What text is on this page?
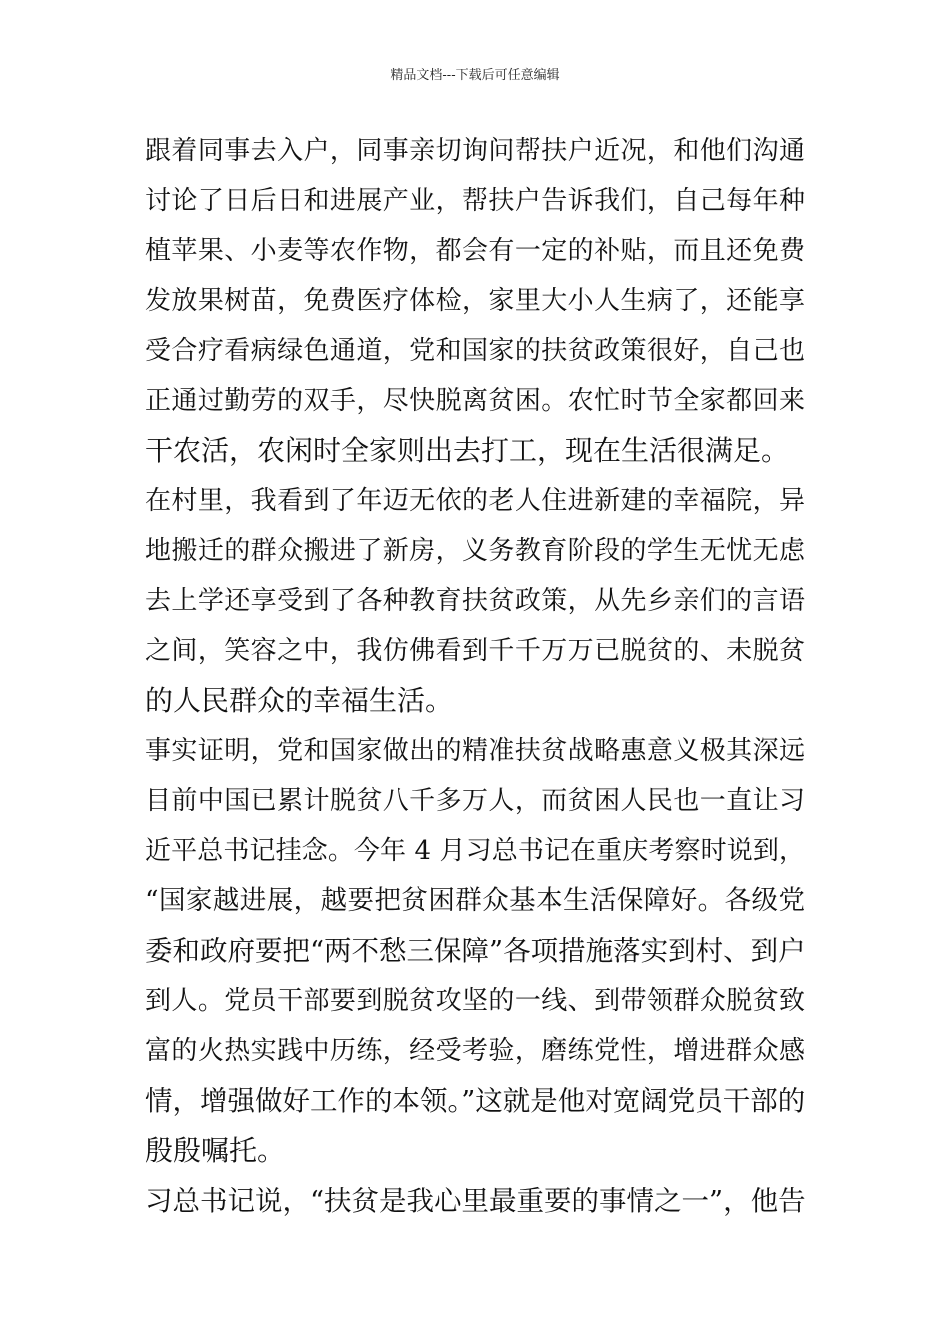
精品文档---下载后可任意编辑
跟着同事去入户，同事亲切询问帮扶户近况，和他们沟通
讨论了日后日和进展产业，帮扶户告诉我们，自己每年种
植苹果、小麦等农作物，都会有一定的补贴，而且还免费
发放果树苗，免费医疗体检，家里大小人生病了，还能享
受合疗看病绿色通道，党和国家的扶贫政策很好，自己也
正通过勤劳的双手，尽快脱离贫困。农忙时节全家都回来
干农活，农闲时全家则出去打工，现在生活很满足。
在村里，我看到了年迈无依的老人住进新建的幸福院，异
地搬迁的群众搬进了新房，义务教育阶段的学生无忧无虑
去上学还享受到了各种教育扶贫政策，从先乡亲们的言语
之间，笑容之中，我仿佛看到千千万万已脱贫的、未脱贫
的人民群众的幸福生活。
事实证明，党和国家做出的精准扶贫战略惠意义极其深远
目前中国已累计脱贫八千多万人，而贫困人民也一直让习
近平总书记挂念。今年 4 月习总书记在重庆考察时说到，
“国家越进展，越要把贫困群众基本生活保障好。各级党
委和政府要把“两不愁三保障”各项措施落实到村、到户
到人。党员干部要到脱贫攻坚的一线、到带领群众脱贫致
富的火热实践中历练，经受考验，磨练党性，增进群众感
情，增强做好工作的本领。”这就是他对宽阔党员干部的
殷殷嘱托。
习总书记说，“扶贫是我心里最重要的事情之一”，他告
